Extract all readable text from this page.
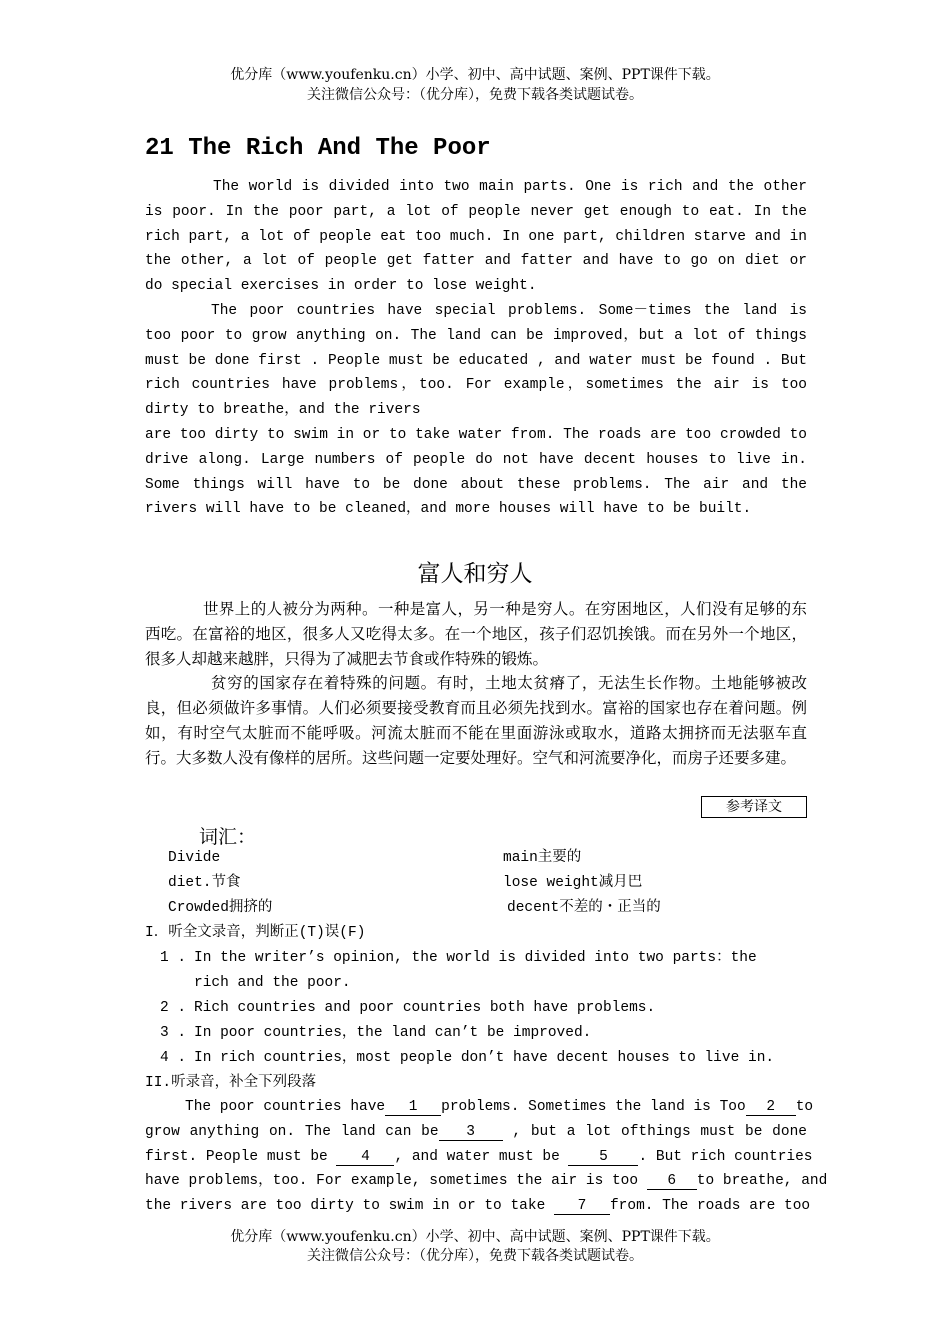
优分库（www.youfenku.cn）小学、初中、高中试题、案例、PPT课件下载。
关注微信公众号：（优分库），免费下载各类试题试卷。
21 The Rich And The Poor

The world is divided into two main parts. One is rich and the other is poor. In the poor part, a lot of people never get enough to eat. In the rich part, a lot of people eat too much. In one part, children starve and in the other, a lot of people get fatter and fatter and have to go on diet or do special exercises in order to lose weight.

The poor countries have special problems. Some－times the land is too poor to grow anything on. The land can be improved，but a lot of things must be done first . People must be educated , and water must be found . But rich countries have problems，too. For example，sometimes the air is too dirty to breathe，and the rivers

are too dirty to swim in or to take water from. The roads are too crowded to drive along. Large numbers of people do not have decent houses to live in. Some things will have to be done about these problems. The air and the rivers will have to be cleaned，and more houses will have to be built.

富人和穷人

世界上的人被分为两种。一种是富人，另一种是穷人。在穷困地区，人们没有足够的东西吃。在富裕的地区，很多人又吃得太多。在一个地区，孩子们忍饥挨饿。而在另外一个地区，很多人却越来越胖，只得为了减肥去节食或作特殊的锻炼。

贫穷的国家存在着特殊的问题。有时，土地太贫瘠了，无法生长作物。土地能够被改良，但必须做许多事情。人们必须要接受教育而且必须先找到水。富裕的国家也存在着问题。例如，有时空气太脏而不能呼吸。河流太脏而不能在里面游泳或取水，道路太拥挤而无法驱车直行。大多数人没有像样的居所。这些问题一定要处理好。空气和河流要净化，而房子还要多建。

参考译文
词汇：
Divide	main主要的
diet.节食	lose weight减月巴
Crowded拥挤的	decent不差的・正当的
I．听全文录音，判断正(T)误(F)
1 . In the writer’s opinion, the world is divided into two parts：the
rich and the poor.
2 . Rich countries and poor countries both have problems.
3 . In poor countries，the land can’t be improved.
4 . In rich countries，most people don’t have decent houses to live in.
II.听录音，补全下列段落
The poor countries have 1	problems. Sometimes the land is Too 2 to
grow anything on. The land can be 3	, but a lot ofthings must be done
first. People must be 4	, and water must be	5 . But rich countries
have problems，too. For example, sometimes the air is too 6 to breathe, and
the rivers are too dirty to swim in or to take 7 from. The roads are too
优分库（www.youfenku.cn）小学、初中、高中试题、案例、PPT课件下载。
关注微信公众号：（优分库），免费下载各类试题试卷。
